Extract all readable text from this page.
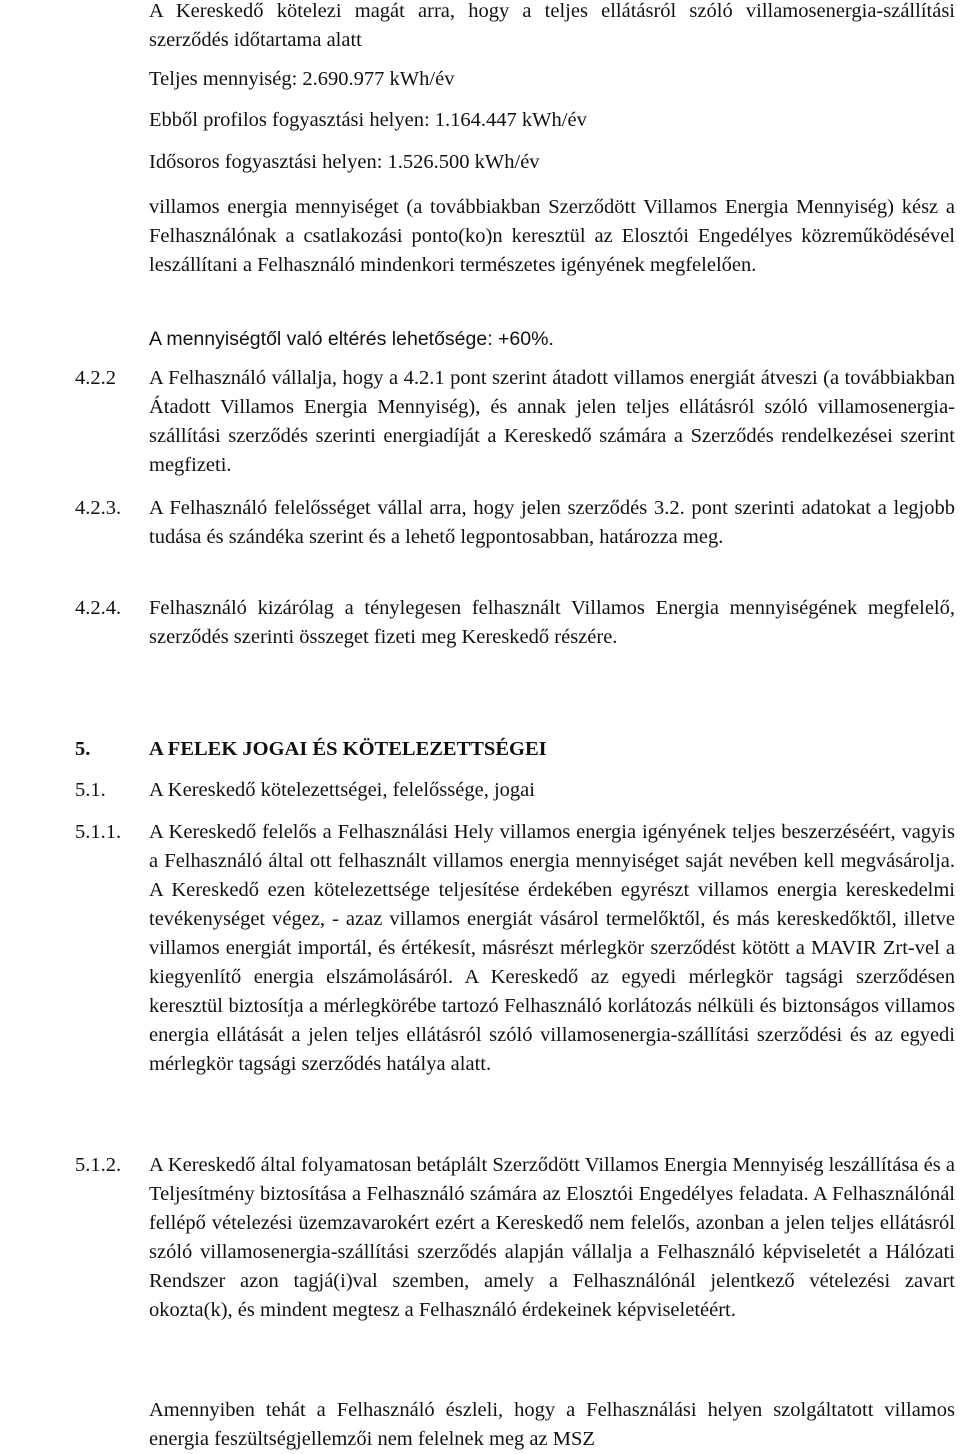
A Kereskedő kötelezi magát arra, hogy a teljes ellátásról szóló villamosenergia-szállítási szerződés időtartama alatt

Teljes mennyiség: 2.690.977 kWh/év

Ebből profilos fogyasztási helyen: 1.164.447 kWh/év

Idősoros fogyasztási helyen: 1.526.500 kWh/év

villamos energia mennyiséget (a továbbiakban Szerződött Villamos Energia Mennyiség) kész a Felhasználónak a csatlakozási ponto(ko)n keresztül az Elosztói Engedélyes közreműködésével leszállítani a Felhasználó mindenkori természetes igényének megfelelően.

A mennyiségtől való eltérés lehetősége: +60%.

4.2.2 A Felhasználó vállalja, hogy a 4.2.1 pont szerint átadott villamos energiát átveszi (a továbbiakban Átadott Villamos Energia Mennyiség), és annak jelen teljes ellátásról szóló villamosenergia-szállítási szerződés szerinti energiadíját a Kereskedő számára a Szerződés rendelkezései szerint megfizeti.

4.2.3. A Felhasználó felelősséget vállal arra, hogy jelen szerződés 3.2. pont szerinti adatokat a legjobb tudása és szándéka szerint és a lehető legpontosabban, határozza meg.

4.2.4. Felhasználó kizárólag a ténylegesen felhasznált Villamos Energia mennyiségének megfelelő, szerződés szerinti összeget fizeti meg Kereskedő részére.

5.	A FELEK JOGAI ÉS KÖTELEZETTSÉGEI

5.1. A Kereskedő kötelezettségei, felelőssége, jogai

5.1.1. A Kereskedő felelős a Felhasználási Hely villamos energia igényének teljes beszerzéséért, vagyis a Felhasználó által ott felhasznált villamos energia mennyiséget saját nevében kell megvásárolja. A Kereskedő ezen kötelezettsége teljesítése érdekében egyrészt villamos energia kereskedelmi tevékenységet végez, - azaz villamos energiát vásárol termelőktől, és más kereskedőktől, illetve villamos energiát importál, és értékesít, másrészt mérlegkör szerződést kötött a MAVIR Zrt-vel a kiegyenlítő energia elszámolásáról. A Kereskedő az egyedi mérlegkör tagsági szerződésen keresztül biztosítja a mérlegkörébe tartozó Felhasználó korlátozás nélküli és biztonságos villamos energia ellátását a jelen teljes ellátásról szóló villamosenergia-szállítási szerződési és az egyedi mérlegkör tagsági szerződés hatálya alatt.

5.1.2. A Kereskedő által folyamatosan betáplált Szerződött Villamos Energia Mennyiség leszállítása és a Teljesítmény biztosítása a Felhasználó számára az Elosztói Engedélyes feladata. A Felhasználónál fellépő vételezési üzemzavarokért ezért a Kereskedő nem felelős, azonban a jelen teljes ellátásról szóló villamosenergia-szállítási szerződés alapján vállalja a Felhasználó képviseletét a Hálózati Rendszer azon tagjá(i)val szemben, amely a Felhasználónál jelentkező vételezési zavart okozta(k), és mindent megtesz a Felhasználó érdekeinek képviseletéért.

Amennyiben tehát a Felhasználó észleli, hogy a Felhasználási helyen szolgáltatott villamos energia feszültségjellemzői nem felelnek meg az MSZ
